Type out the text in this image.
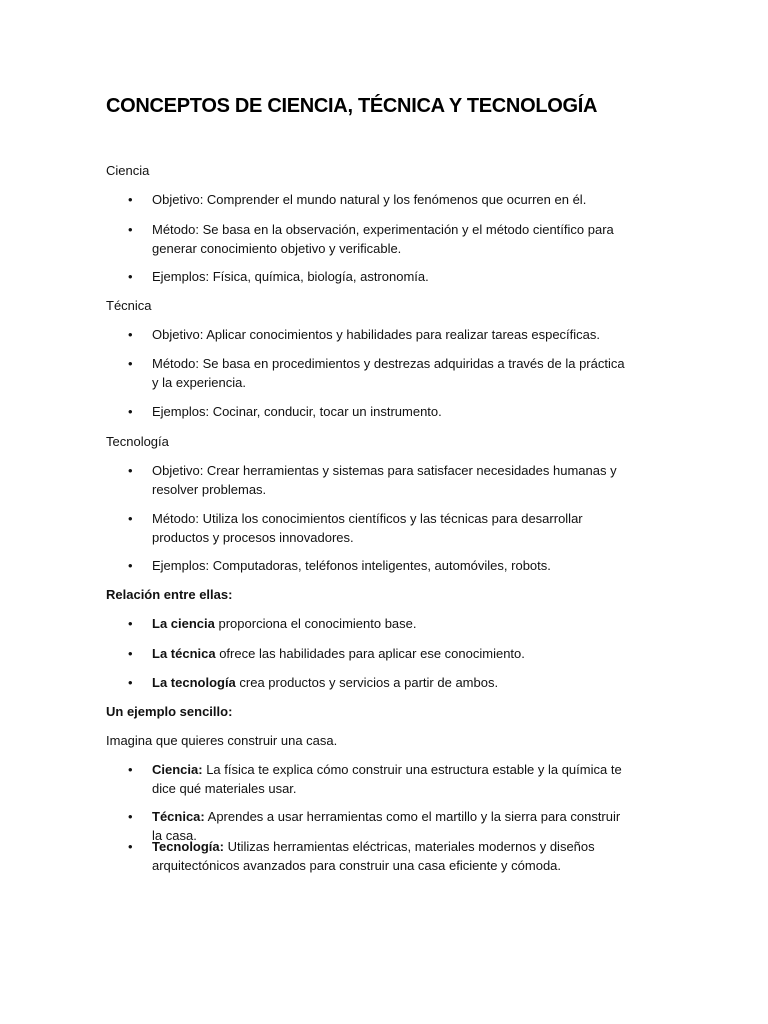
CONCEPTOS DE CIENCIA, TÉCNICA Y TECNOLOGÍA

Ciencia

• Objetivo: Comprender el mundo natural y los fenómenos que ocurren en él.
• Método: Se basa en la observación, experimentación y el método científico para generar conocimiento objetivo y verificable.
• Ejemplos: Física, química, biología, astronomía.

Técnica

• Objetivo: Aplicar conocimientos y habilidades para realizar tareas específicas.
• Método: Se basa en procedimientos y destrezas adquiridas a través de la práctica y la experiencia.
• Ejemplos: Cocinar, conducir, tocar un instrumento.

Tecnología

• Objetivo: Crear herramientas y sistemas para satisfacer necesidades humanas y resolver problemas.
• Método: Utiliza los conocimientos científicos y las técnicas para desarrollar productos y procesos innovadores.
• Ejemplos: Computadoras, teléfonos inteligentes, automóviles, robots.

Relación entre ellas:

• La ciencia proporciona el conocimiento base.
• La técnica ofrece las habilidades para aplicar ese conocimiento.
• La tecnología crea productos y servicios a partir de ambos.

Un ejemplo sencillo:

Imagina que quieres construir una casa.

• Ciencia: La física te explica cómo construir una estructura estable y la química te dice qué materiales usar.
• Técnica: Aprendes a usar herramientas como el martillo y la sierra para construir la casa.
• Tecnología: Utilizas herramientas eléctricas, materiales modernos y diseños arquitectónicos avanzados para construir una casa eficiente y cómoda.
